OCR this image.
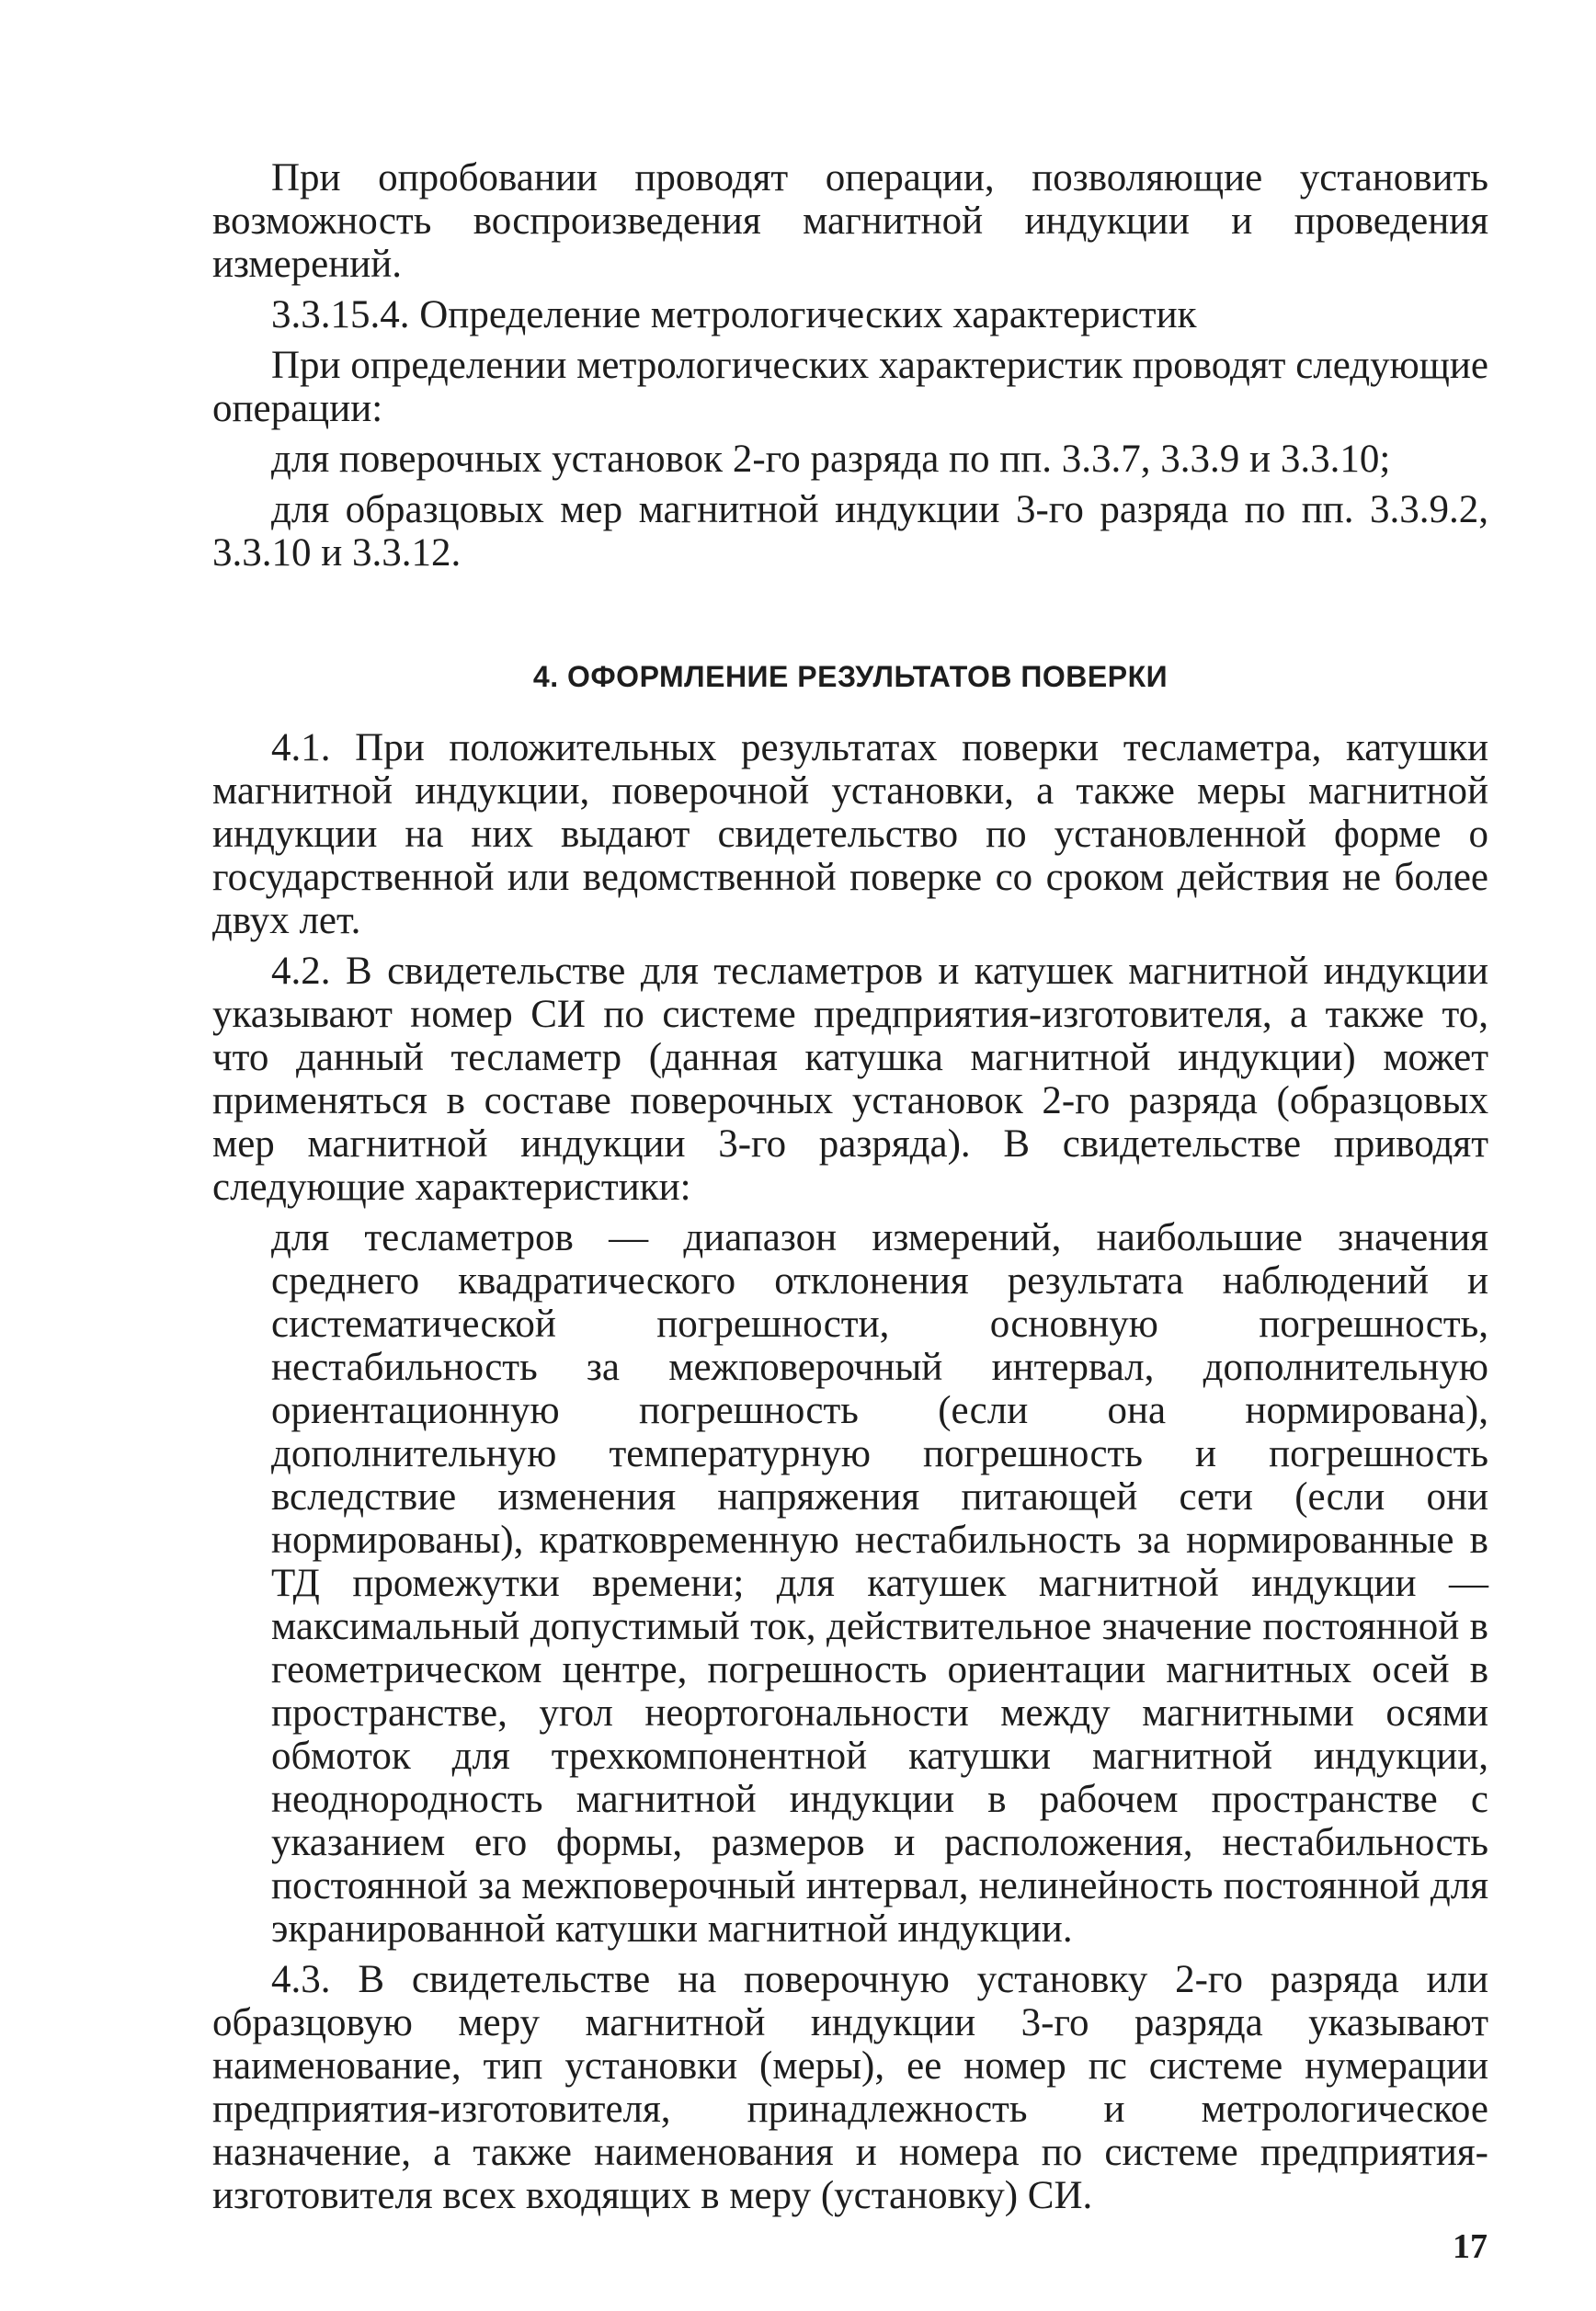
При опробовании проводят операции, позволяющие установить возможность воспроизведения магнитной индукции и проведения измерений.

3.3.15.4. Определение метрологических характеристик

При определении метрологических характеристик проводят следующие операции:

для поверочных установок 2-го разряда по пп. 3.3.7, 3.3.9 и 3.3.10;

для образцовых мер магнитной индукции 3-го разряда по пп. 3.3.9.2, 3.3.10 и 3.3.12.

4. ОФОРМЛЕНИЕ РЕЗУЛЬТАТОВ ПОВЕРКИ

4.1. При положительных результатах поверки тесламетра, катушки магнитной индукции, поверочной установки, а также меры магнитной индукции на них выдают свидетельство по установленной форме о государственной или ведомственной поверке со сроком действия не более двух лет.

4.2. В свидетельстве для тесламетров и катушек магнитной индукции указывают номер СИ по системе предприятия-изготовителя, а также то, что данный тесламетр (данная катушка магнитной индукции) может применяться в составе поверочных установок 2-го разряда (образцовых мер магнитной индукции 3-го разряда). В свидетельстве приводят следующие характеристики:

для тесламетров — диапазон измерений, наибольшие значения среднего квадратического отклонения результата наблюдений и систематической погрешности, основную погрешность, нестабильность за межповерочный интервал, дополнительную ориентационную погрешность (если она нормирована), дополнительную температурную погрешность и погрешность вследствие изменения напряжения питающей сети (если они нормированы), кратковременную нестабильность за нормированные в ТД промежутки времени; для катушек магнитной индукции — максимальный допустимый ток, действительное значение постоянной в геометрическом центре, погрешность ориентации магнитных осей в пространстве, угол неортогональности между магнитными осями обмоток для трехкомпонентной катушки магнитной индукции, неоднородность магнитной индукции в рабочем пространстве с указанием его формы, размеров и расположения, нестабильность постоянной за межповерочный интервал, нелинейность постоянной для экранированной катушки магнитной индукции.

4.3. В свидетельстве на поверочную установку 2-го разряда или образцовую меру магнитной индукции 3-го разряда указывают наименование, тип установки (меры), ее номер пс системе нумерации предприятия-изготовителя, принадлежность и метрологическое назначение, а также наименования и номера по системе предприятия-изготовителя всех входящих в меру (установку) СИ.

17
